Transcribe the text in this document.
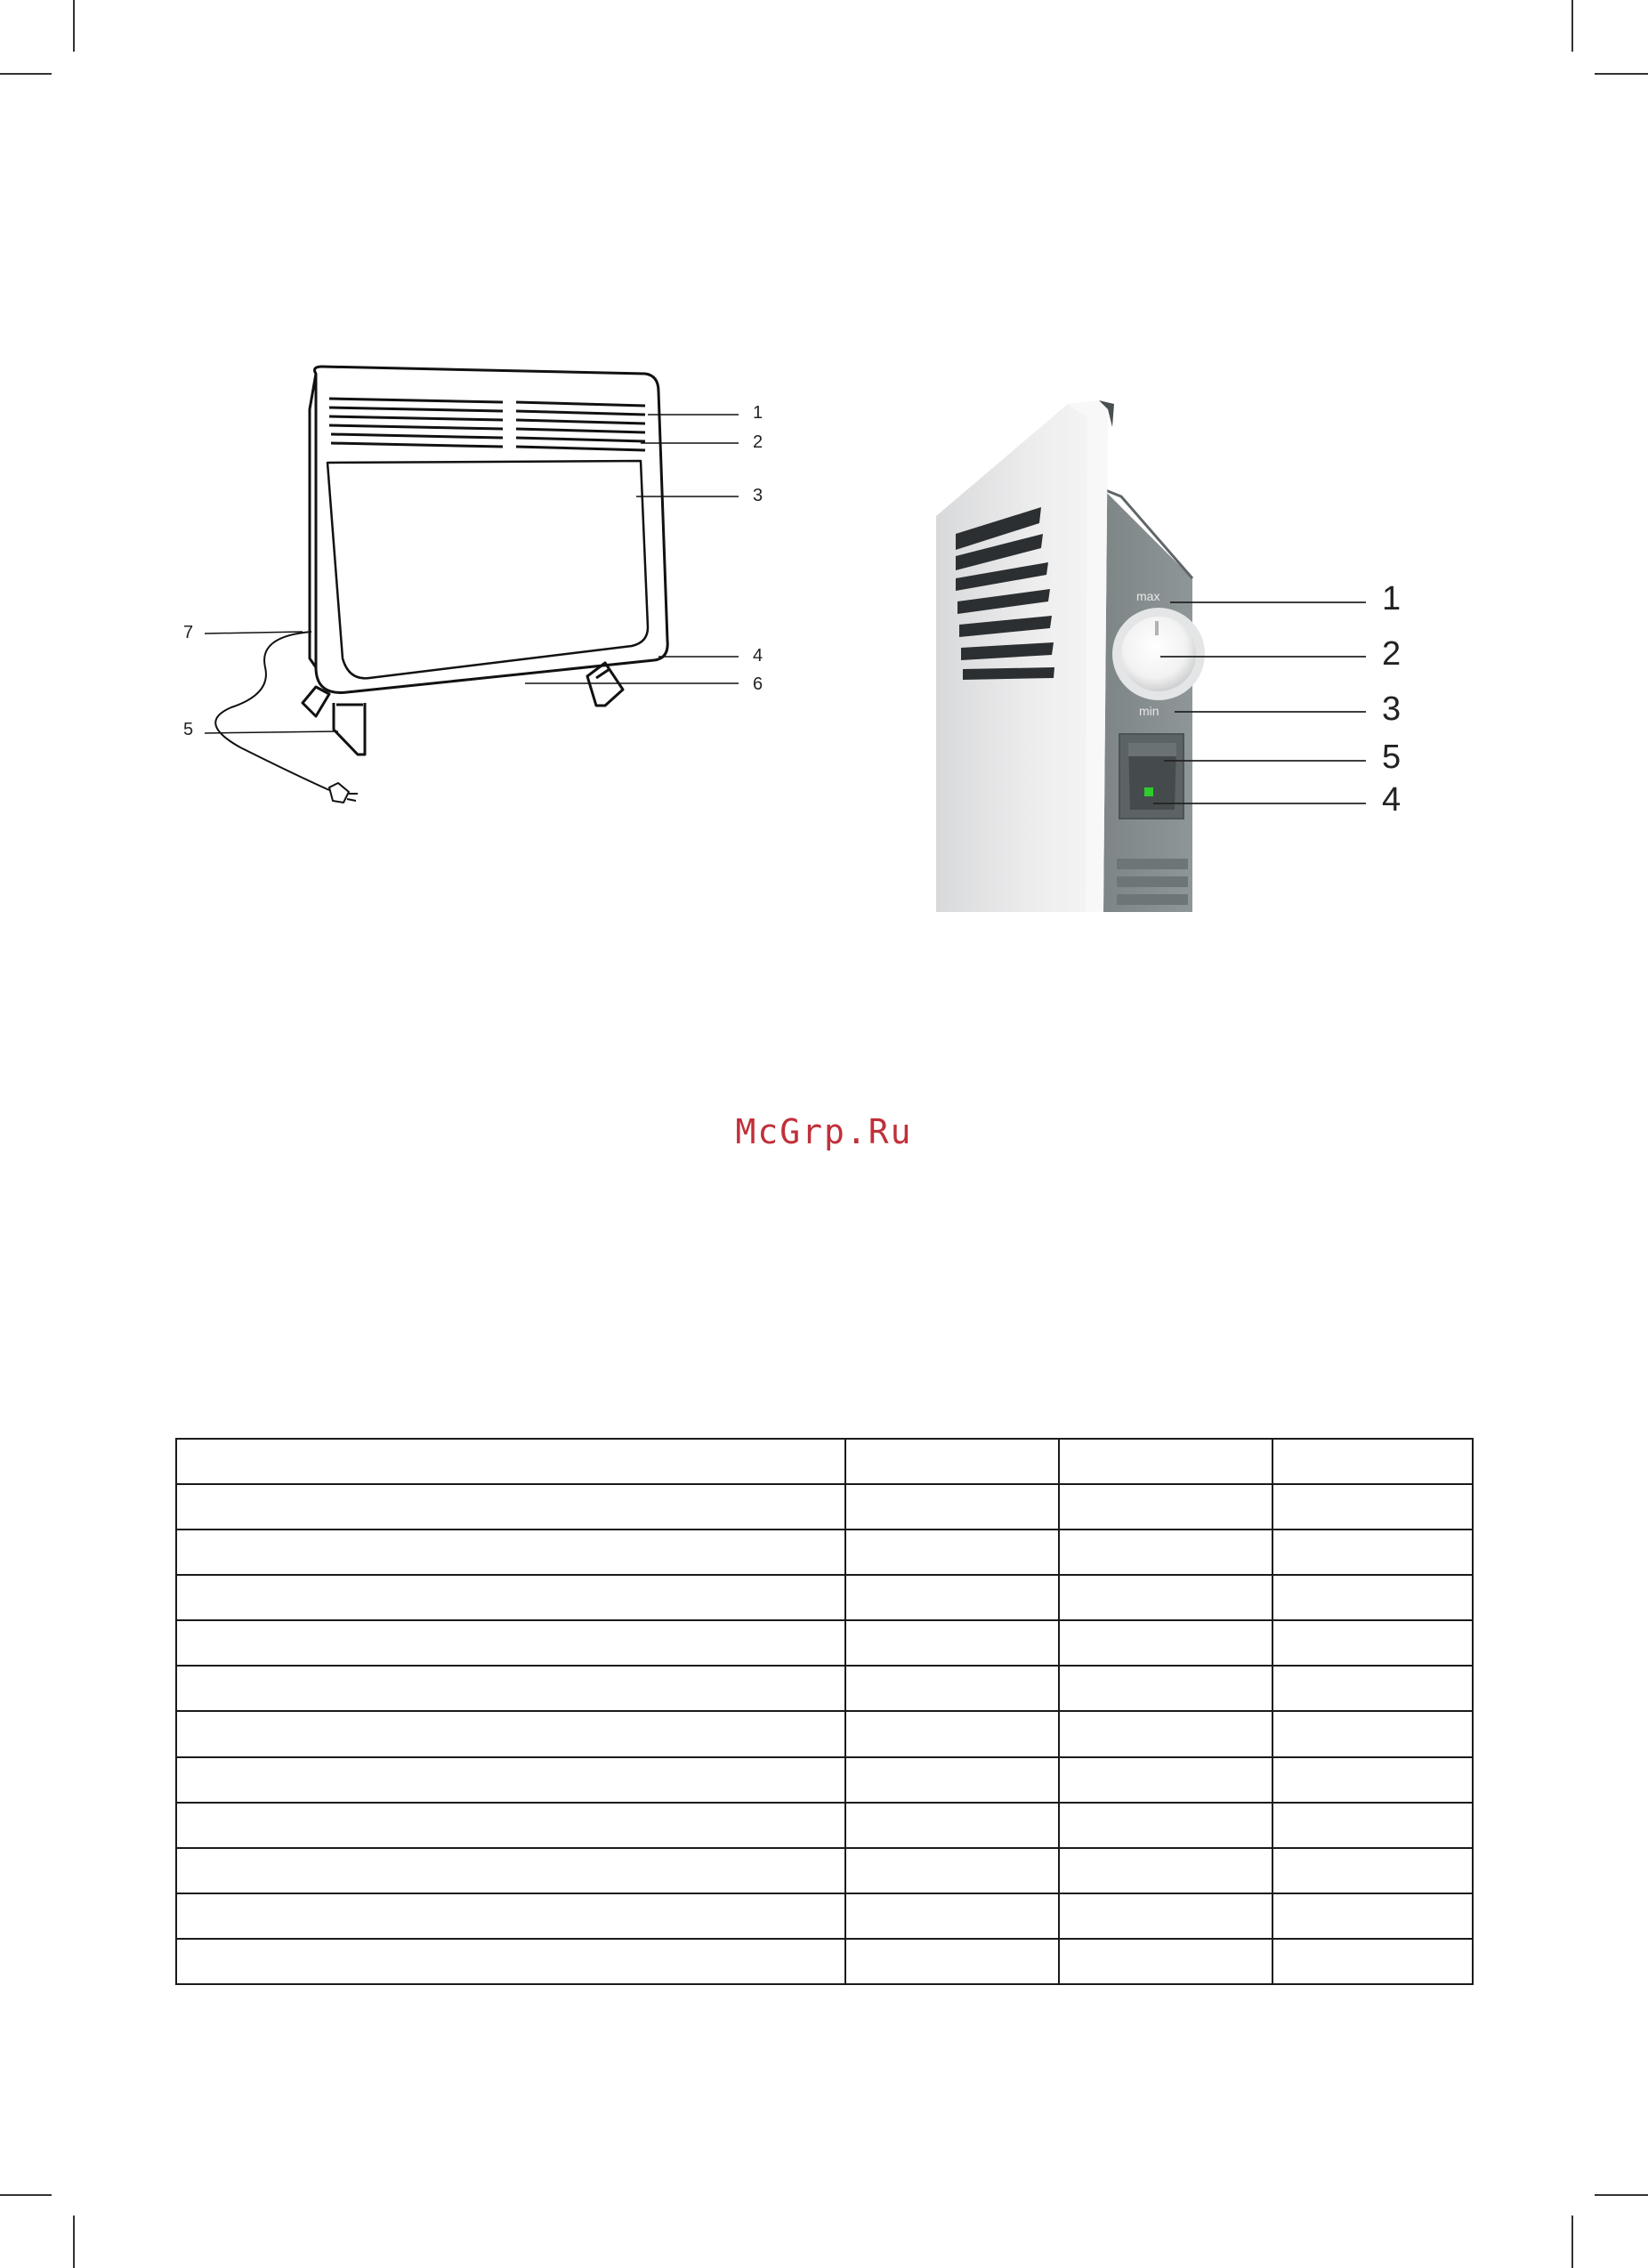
1
2
3
4
6
7
5
max
min
1
2
3
5
4
McGrp.Ru
